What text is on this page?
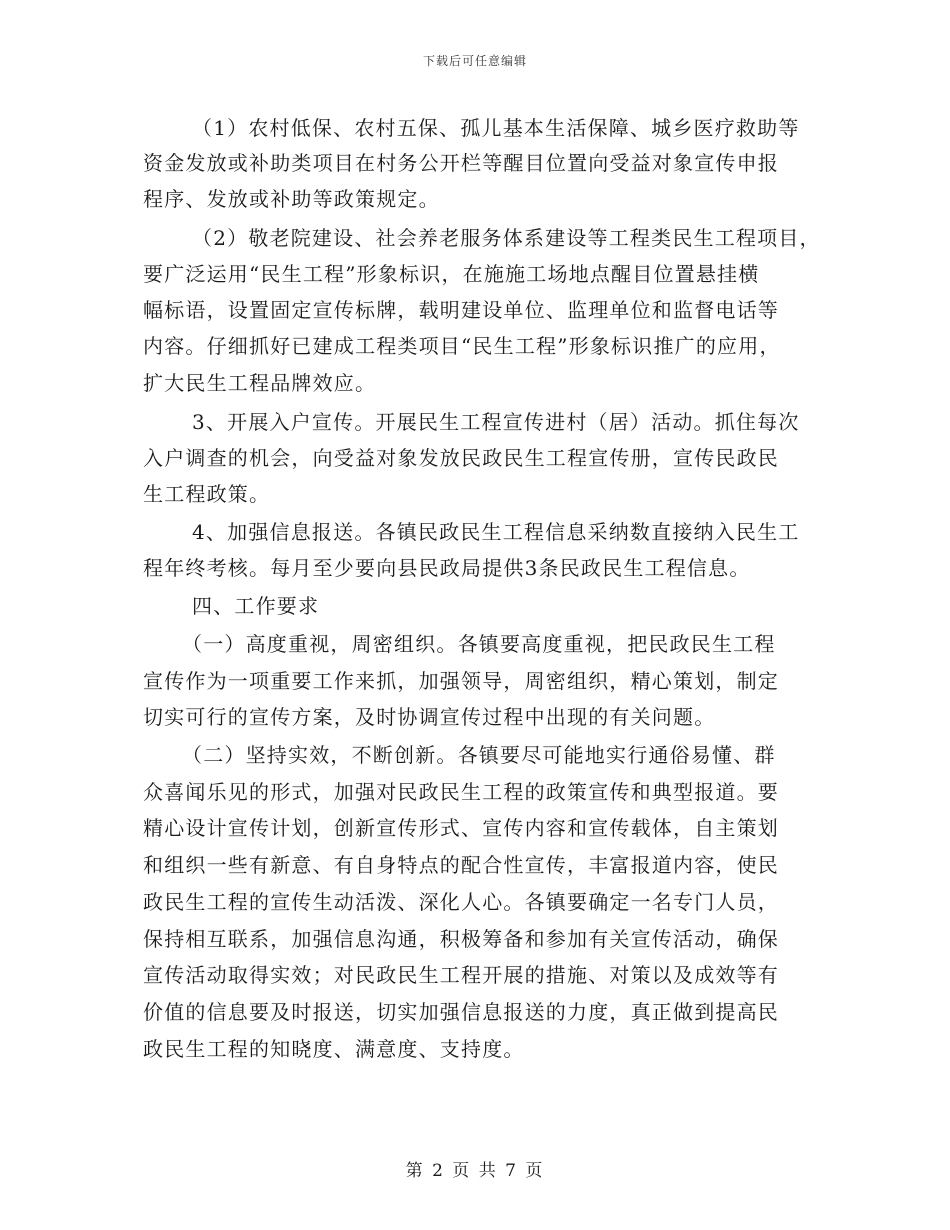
下载后可任意编辑
（1）农村低保、农村五保、孤儿基本生活保障、城乡医疗救助等
资金发放或补助类项目在村务公开栏等醒目位置向受益对象宣传申报
程序、发放或补助等政策规定。
（2）敬老院建设、社会养老服务体系建设等工程类民生工程项目，
要广泛运用“民生工程”形象标识，在施施工场地点醒目位置悬挂横
幅标语，设置固定宣传标牌，载明建设单位、监理单位和监督电话等
内容。仔细抓好已建成工程类项目“民生工程”形象标识推广的应用，
扩大民生工程品牌效应。
3、开展入户宣传。开展民生工程宣传进村（居）活动。抓住每次
入户调查的机会，向受益对象发放民政民生工程宣传册，宣传民政民
生工程政策。
4、加强信息报送。各镇民政民生工程信息采纳数直接纳入民生工
程年终考核。每月至少要向县民政局提供3条民政民生工程信息。
四、工作要求
（一）高度重视，周密组织。各镇要高度重视，把民政民生工程
宣传作为一项重要工作来抓，加强领导，周密组织，精心策划，制定
切实可行的宣传方案，及时协调宣传过程中出现的有关问题。
（二）坚持实效，不断创新。各镇要尽可能地实行通俗易懂、群
众喜闻乐见的形式，加强对民政民生工程的政策宣传和典型报道。要
精心设计宣传计划，创新宣传形式、宣传内容和宣传载体，自主策划
和组织一些有新意、有自身特点的配合性宣传，丰富报道内容，使民
政民生工程的宣传生动活泼、深化人心。各镇要确定一名专门人员，
保持相互联系，加强信息沟通，积极筹备和参加有关宣传活动，确保
宣传活动取得实效；对民政民生工程开展的措施、对策以及成效等有
价值的信息要及时报送，切实加强信息报送的力度，真正做到提高民
政民生工程的知晓度、满意度、支持度。
第 2 页 共 7 页
